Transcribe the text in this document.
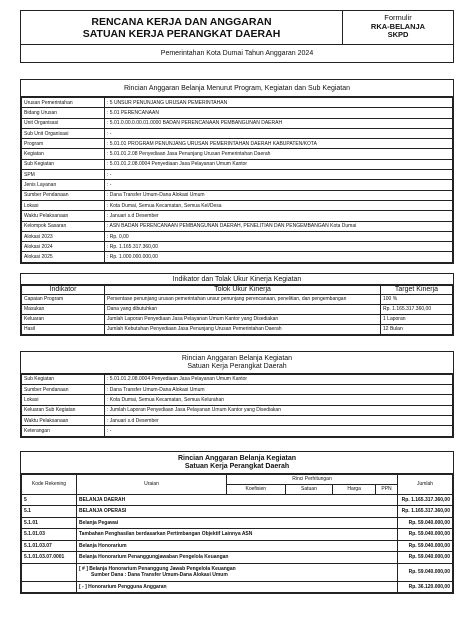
RENCANA KERJA DAN ANGGARAN
SATUAN KERJA PERANGKAT DAERAH
Formulir
RKA-BELANJA
SKPD
Pemerintahan Kota Dumai Tahun Anggaran 2024
Rincian Anggaran Belanja Menurut Program, Kegiatan dan Sub Kegiatan
Urusan Pemerintahan	: 5 UNSUR PENUNJANG URUSAN PEMERINTAHAN
Bidang Urusan	: 5.01 PERENCANAAN
Unit Organisasi	: 5.01.0.00.0.00.01.0000 BADAN PERENCANAAN PEMBANGUNAN DAERAH
Sub Unit Organisasi	: -
Program	: 5.01.01 PROGRAM PENUNJANG URUSAN PEMERINTAHAN DAERAH KABUPATEN/KOTA
Kegiatan	: 5.01.01.2.08 Penyediaan Jasa Penunjang Urusan Pemerintahan Daerah
Sub Kegiatan	: 5.01.01.2.08.0004 Penyediaan Jasa Pelayanan Umum Kantor
SPM	: -
Jenis Layanan	: -
Sumber Pendanaan	: Dana Transfer Umum-Dana Alokasi Umum
Lokasi	: Kota Dumai, Semua Kecamatan, Semua Kel/Desa
Waktu Pelaksanaan	: Januari s.d Desember
Kelompok Sasaran	: ASN BADAN PERENCANAAN PEMBANGUNAN DAERAH, PENELITIAN DAN PENGEMBANGAN Kota Dumai
Alokasi 2023	: Rp. 0,00
Alokasi 2024	: Rp. 1.165.317.360,00
Alokasi 2025	: Rp. 1.000.000.000,00
Indikator dan Tolak Ukur Kinerja Kegiatan
Indikator	Tolok Ukur Kinerja	Target Kinerja
Capaian Program	Persentase penunjang urusan pemerintahan unsur penunjang perencanaan, penelitian, dan pengembangan	100 %
Masukan	Dana yang dibutuhkan	Rp. 1.165.317.360,00
Keluaran	Jumlah Laporan Penyediaan Jasa Pelayanan Umum Kantor yang Disediakan	1 Laporan
Hasil	Jumlah Kebutuhan Penyediaan Jasa Penunjang Urusan Pemerintahan Daerah	12 Bulan
Rincian Anggaran Belanja Kegiatan
Satuan Kerja Perangkat Daerah
Sub Kegiatan	: 5.01.01.2.08.0004 Penyediaan Jasa Pelayanan Umum Kantor
Sumber Pendanaan	: Dana Transfer Umum-Dana Alokasi Umum
Lokasi	: Kota Dumai, Semua Kecamatan, Semua Kelurahan
Keluaran Sub Kegiatan	: Jumlah Laporan Penyediaan Jasa Pelayanan Umum Kantor yang Disediakan
Waktu Pelaksanaan	: Januari s.d Desember
Keterangan	: -
Rincian Anggaran Belanja Kegiatan
Satuan Kerja Perangkat Daerah
Kode Rekening	Uraian	Rinci Perhitungan				Jumlah
		Koefisien	Satuan	Harga	PPN	
5	BELANJA DAERAH					Rp. 1.165.317.360,00
5.1	BELANJA OPERASI					Rp. 1.165.317.360,00
5.1.01	Belanja Pegawai					Rp. 59.040.000,00
5.1.01.03	Tambahan Penghasilan berdasarkan Pertimbangan Objektif Lainnya ASN					Rp. 59.040.000,00
5.1.01.03.07	Belanja Honorarium					Rp. 59.040.000,00
5.1.01.03.07.0001	Belanja Honorarium Penanggungjawaban Pengelola Keuangan					Rp. 59.040.000,00

	[ # ] Belanja Honorarium Penanggung Jawab Pengelola Keuangan
Sumber Dana : Dana Transfer Umum-Dana Alokasi Umum					Rp. 59.040.000,00

	[ - ] Honorarium Pengguna Anggaran					Rp. 36.120.000,00
